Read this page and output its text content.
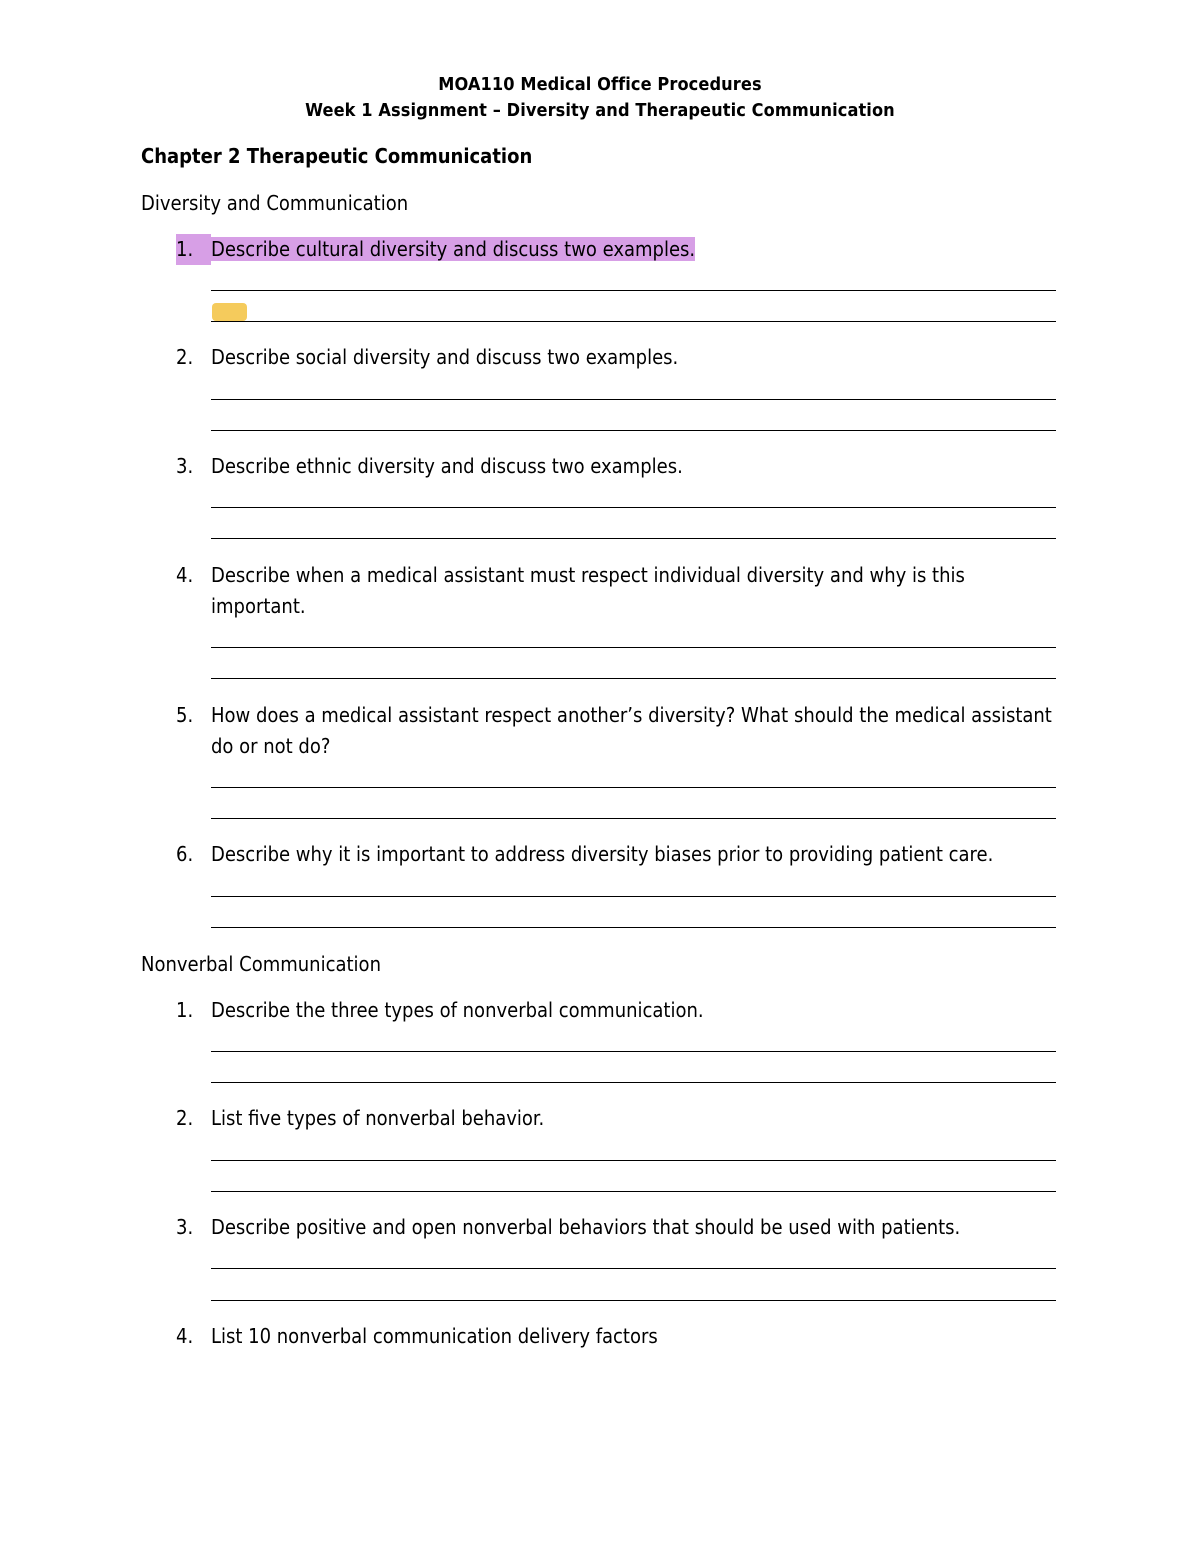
MOA110 Medical Office Procedures
Week 1 Assignment – Diversity and Therapeutic Communication
Chapter 2 Therapeutic Communication
Diversity and Communication
1. Describe cultural diversity and discuss two examples.
2. Describe social diversity and discuss two examples.
3. Describe ethnic diversity and discuss two examples.
4. Describe when a medical assistant must respect individual diversity and why is this important.
5. How does a medical assistant respect another’s diversity? What should the medical assistant do or not do?
6. Describe why it is important to address diversity biases prior to providing patient care.
Nonverbal Communication
1. Describe the three types of nonverbal communication.
2. List five types of nonverbal behavior.
3. Describe positive and open nonverbal behaviors that should be used with patients.
4. List 10 nonverbal communication delivery factors
